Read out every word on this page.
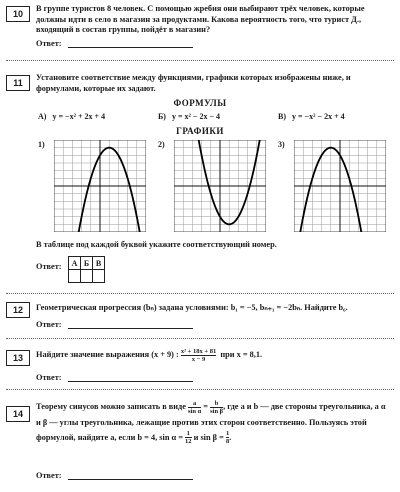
10
В группе туристов 8 человек. С помощью жребия они выбирают трёх человек, которые должны идти в село в магазин за продуктами. Какова вероятность того, что турист Д., входящий в состав группы, пойдёт в магазин?
Ответ:
11
Установите соответствие между функциями, графики которых изображены ниже, и формулами, которые их задают.
ФОРМУЛЫ
А) y = −x² + 2x + 4	Б) y = x² − 2x − 4	В) y = −x² − 2x + 4
ГРАФИКИ
1)	2)	3)
В таблице под каждой буквой укажите соответствующий номер.
Ответ: А	Б	В

12	Геометрическая прогрессия (bₙ) задана условиями: b₁ = −5, bₙ₊₁ = −2bₙ. Найдите b₆.
Ответ:
13	Найдите значение выражения (x + 9) : $\frac{\text{x² + 18x + 81}}{x - 9}$ при x = 8,1.
Ответ:
14
Теорему синусов можно записать в виде $\frac{a}{\text{sin α}} = \frac{b}{\text{sin β}}$ , где a и b — две стороны треугольника, а α и β — углы треугольника, лежащие против этих сторон соответственно. Пользуясь этой формулой, найдите a, если b = 4, $\sin \alpha = \frac{1}{12}$ и $\sin \beta = \frac{1}{8}$ .
Ответ:
